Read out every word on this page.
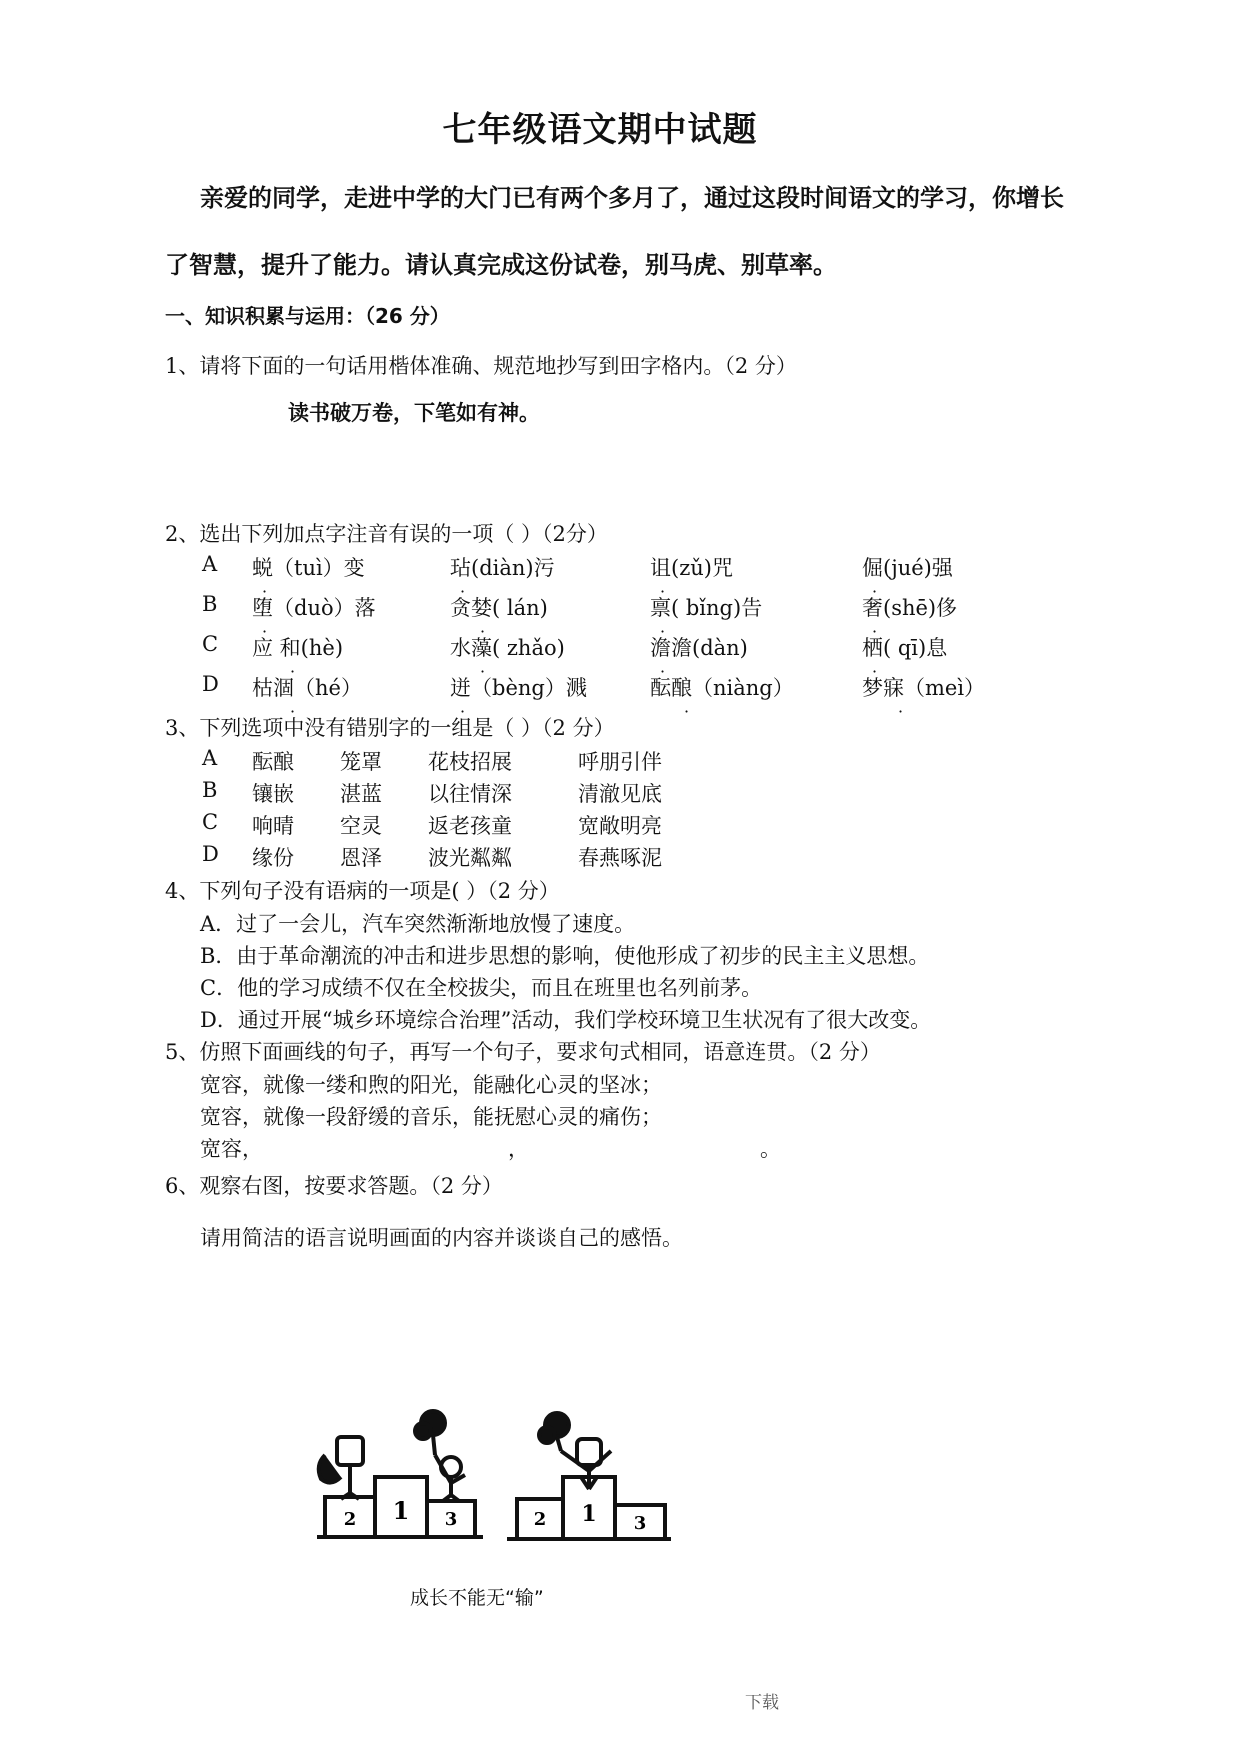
七年级语文期中试题
亲爱的同学，走进中学的大门已有两个多月了，通过这段时间语文的学习，你增长
了智慧，提升了能力。请认真完成这份试卷，别马虎、别草率。
一、知识积累与运用：（26 分）
1、请将下面的一句话用楷体准确、规范地抄写到田字格内。（2 分）
读书破万卷，下笔如有神。
2、选出下列加点字注音有误的一项（ ）（2分）
A 蜕（tuì）变	玷(diàn)污	诅(zǔ)咒	倔(jué)强
B 堕（duò）落	贪婪( lán)	禀( bǐng)告	奢(shē)侈
C 应 和(hè)	水藻( zhǎo)	澹澹(dàn)	栖( qī)息
D 枯涸（hé）	迸（bèng）溅	酝酿（niàng）	梦寐（meì）
·	·	·	·
·	·	·	·
·	·	·	·
·	·	·	·
3、下列选项中没有错别字的一组是（ ）（2 分）
A 酝酿 笼罩 花枝招展	呼朋引伴
B 镶嵌 湛蓝 以往情深	清澈见底
C 响晴 空灵 返老孩童	宽敞明亮
D 缘份 恩泽 波光粼粼	春燕啄泥
4、下列句子没有语病的一项是( ）（2 分）
A．过了一会儿，汽车突然渐渐地放慢了速度。
B．由于革命潮流的冲击和进步思想的影响，使他形成了初步的民主主义思想。
C．他的学习成绩不仅在全校拔尖，而且在班里也名列前茅。
D．通过开展“城乡环境综合治理”活动，我们学校环境卫生状况有了很大改变。
5、仿照下面画线的句子，再写一个句子，要求句式相同，语意连贯。（2 分）
宽容，就像一缕和煦的阳光，能融化心灵的坚冰；
宽容，就像一段舒缓的音乐，能抚慰心灵的痛伤；
宽容，	，	。
6、观察右图，按要求答题。（2 分）
请用简洁的语言说明画面的内容并谈谈自己的感悟。
2 1 3	2 1 3
成长不能无“输”
下载
